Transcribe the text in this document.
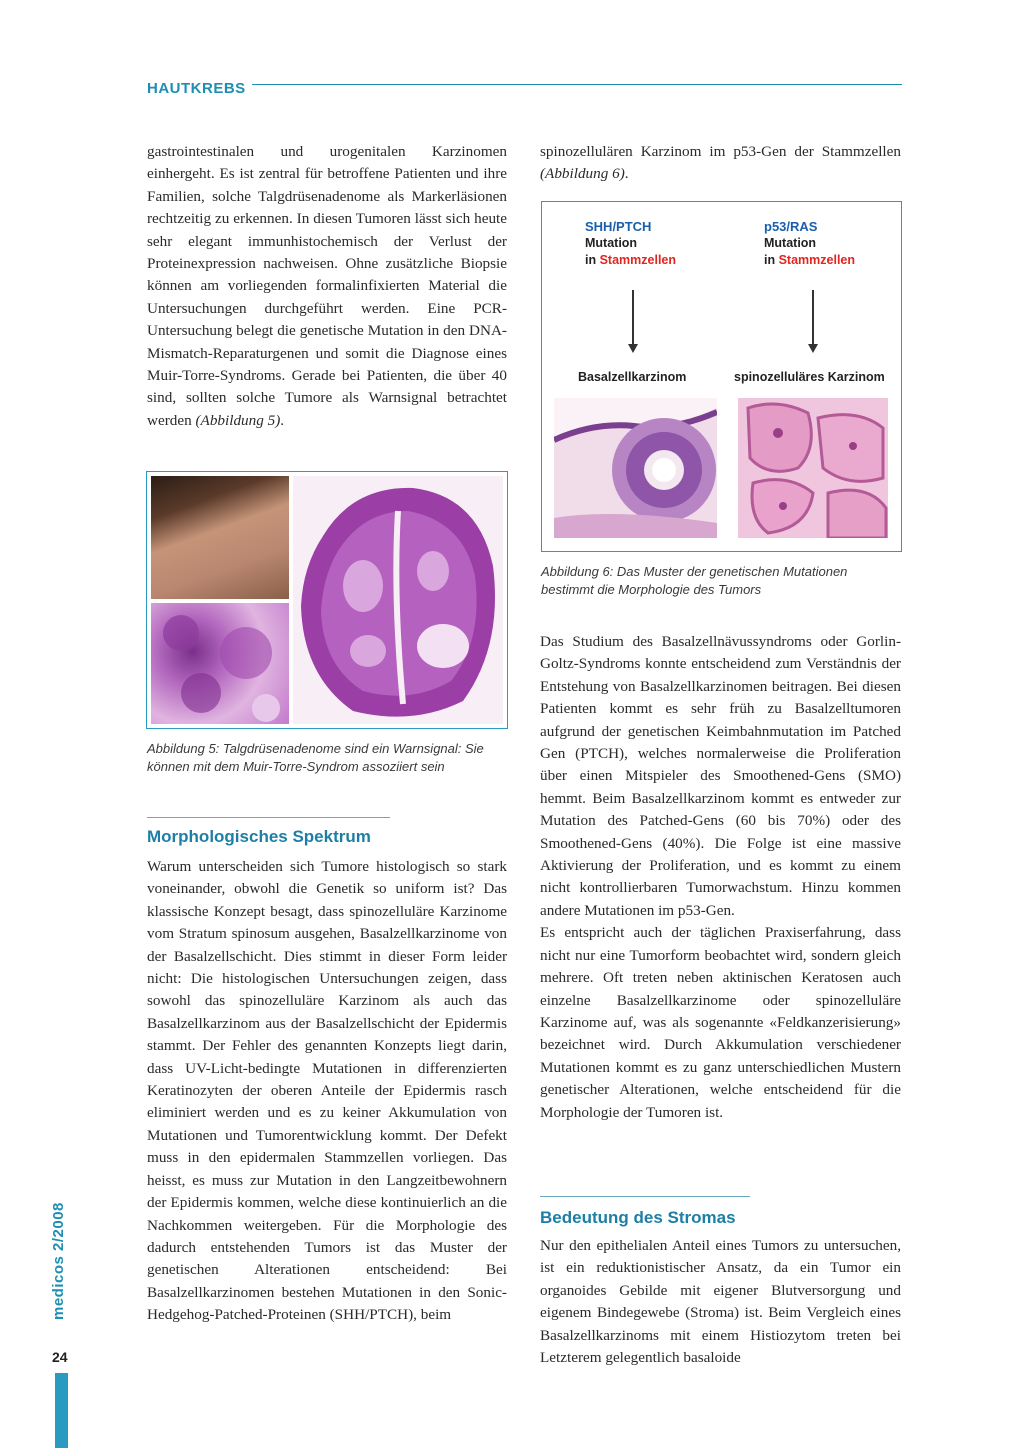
HAUTKREBS

gastrointestinalen und urogenitalen Karzinomen einhergeht. Es ist zentral für betroffene Patienten und ihre Familien, solche Talgdrüsenadenome als Markerläsionen rechtzeitig zu erkennen. In diesen Tumoren lässt sich heute sehr elegant immunhistochemisch der Verlust der Proteinexpression nachweisen. Ohne zusätzliche Biopsie können am vorliegenden formalinfixierten Material die Untersuchungen durchgeführt werden. Eine PCR-Untersuchung belegt die genetische Mutation in den DNA-Mismatch-Reparaturgenen und somit die Diagnose eines Muir-Torre-Syndroms. Gerade bei Patienten, die über 40 sind, sollten solche Tumore als Warnsignal betrachtet werden (Abbildung 5).

spinozellulären Karzinom im p53-Gen der Stammzellen (Abbildung 6).

SHH/PTCH
Mutation
in Stammzellen
p53/RAS
Mutation
in Stammzellen
Basalzellkarzinom	spinozelluläres Karzinom
Abbildung 6: Das Muster der genetischen Mutationen bestimmt die Morphologie des Tumors
Abbildung 5: Talgdrüsenadenome sind ein Warnsignal: Sie können mit dem Muir-Torre-Syndrom assoziiert sein
Morphologisches Spektrum

Warum unterscheiden sich Tumore histologisch so stark voneinander, obwohl die Genetik so uniform ist? Das klassische Konzept besagt, dass spinozelluläre Karzinome vom Stratum spinosum ausgehen, Basalzellkarzinome von der Basalzellschicht. Dies stimmt in dieser Form leider nicht: Die histologischen Untersuchungen zeigen, dass sowohl das spinozelluläre Karzinom als auch das Basalzellkarzinom aus der Basalzellschicht der Epidermis stammt. Der Fehler des genannten Konzepts liegt darin, dass UV-Licht-bedingte Mutationen in differenzierten Keratinozyten der oberen Anteile der Epidermis rasch eliminiert werden und es zu keiner Akkumulation von Mutationen und Tumorentwicklung kommt. Der Defekt muss in den epidermalen Stammzellen vorliegen. Das heisst, es muss zur Mutation in den Langzeitbewohnern der Epidermis kommen, welche diese kontinuierlich an die Nachkommen weitergeben. Für die Morphologie des dadurch entstehenden Tumors ist das Muster der genetischen Alterationen entscheidend: Bei Basalzellkarzinomen bestehen Mutationen in den Sonic-Hedgehog-Patched-Proteinen (SHH/PTCH), beim

Das Studium des Basalzellnävussyndroms oder Gorlin-Goltz-Syndroms konnte entscheidend zum Verständnis der Entstehung von Basalzellkarzinomen beitragen. Bei diesen Patienten kommt es sehr früh zu Basalzelltumoren aufgrund der genetischen Keimbahnmutation im Patched Gen (PTCH), welches normalerweise die Proliferation über einen Mitspieler des Smoothened-Gens (SMO) hemmt. Beim Basalzellkarzinom kommt es entweder zur Mutation des Patched-Gens (60 bis 70%) oder des Smoothened-Gens (40%). Die Folge ist eine massive Aktivierung der Proliferation, und es kommt zu einem nicht kontrollierbaren Tumorwachstum. Hinzu kommen andere Mutationen im p53-Gen.

Es entspricht auch der täglichen Praxiserfahrung, dass nicht nur eine Tumorform beobachtet wird, sondern gleich mehrere. Oft treten neben aktinischen Keratosen auch einzelne Basalzellkarzinome oder spinozelluläre Karzinome auf, was als sogenannte «Feldkanzerisierung» bezeichnet wird. Durch Akkumulation verschiedener Mutationen kommt es zu ganz unterschiedlichen Mustern genetischer Alterationen, welche entscheidend für die Morphologie der Tumoren ist.

Bedeutung des Stromas

Nur den epithelialen Anteil eines Tumors zu untersuchen, ist ein reduktionistischer Ansatz, da ein Tumor ein organoides Gebilde mit eigener Blutversorgung und eigenem Bindegewebe (Stroma) ist. Beim Vergleich eines Basalzellkarzinoms mit einem Histiozytom treten bei Letzterem gelegentlich basaloide

medicos 2/2008
24
